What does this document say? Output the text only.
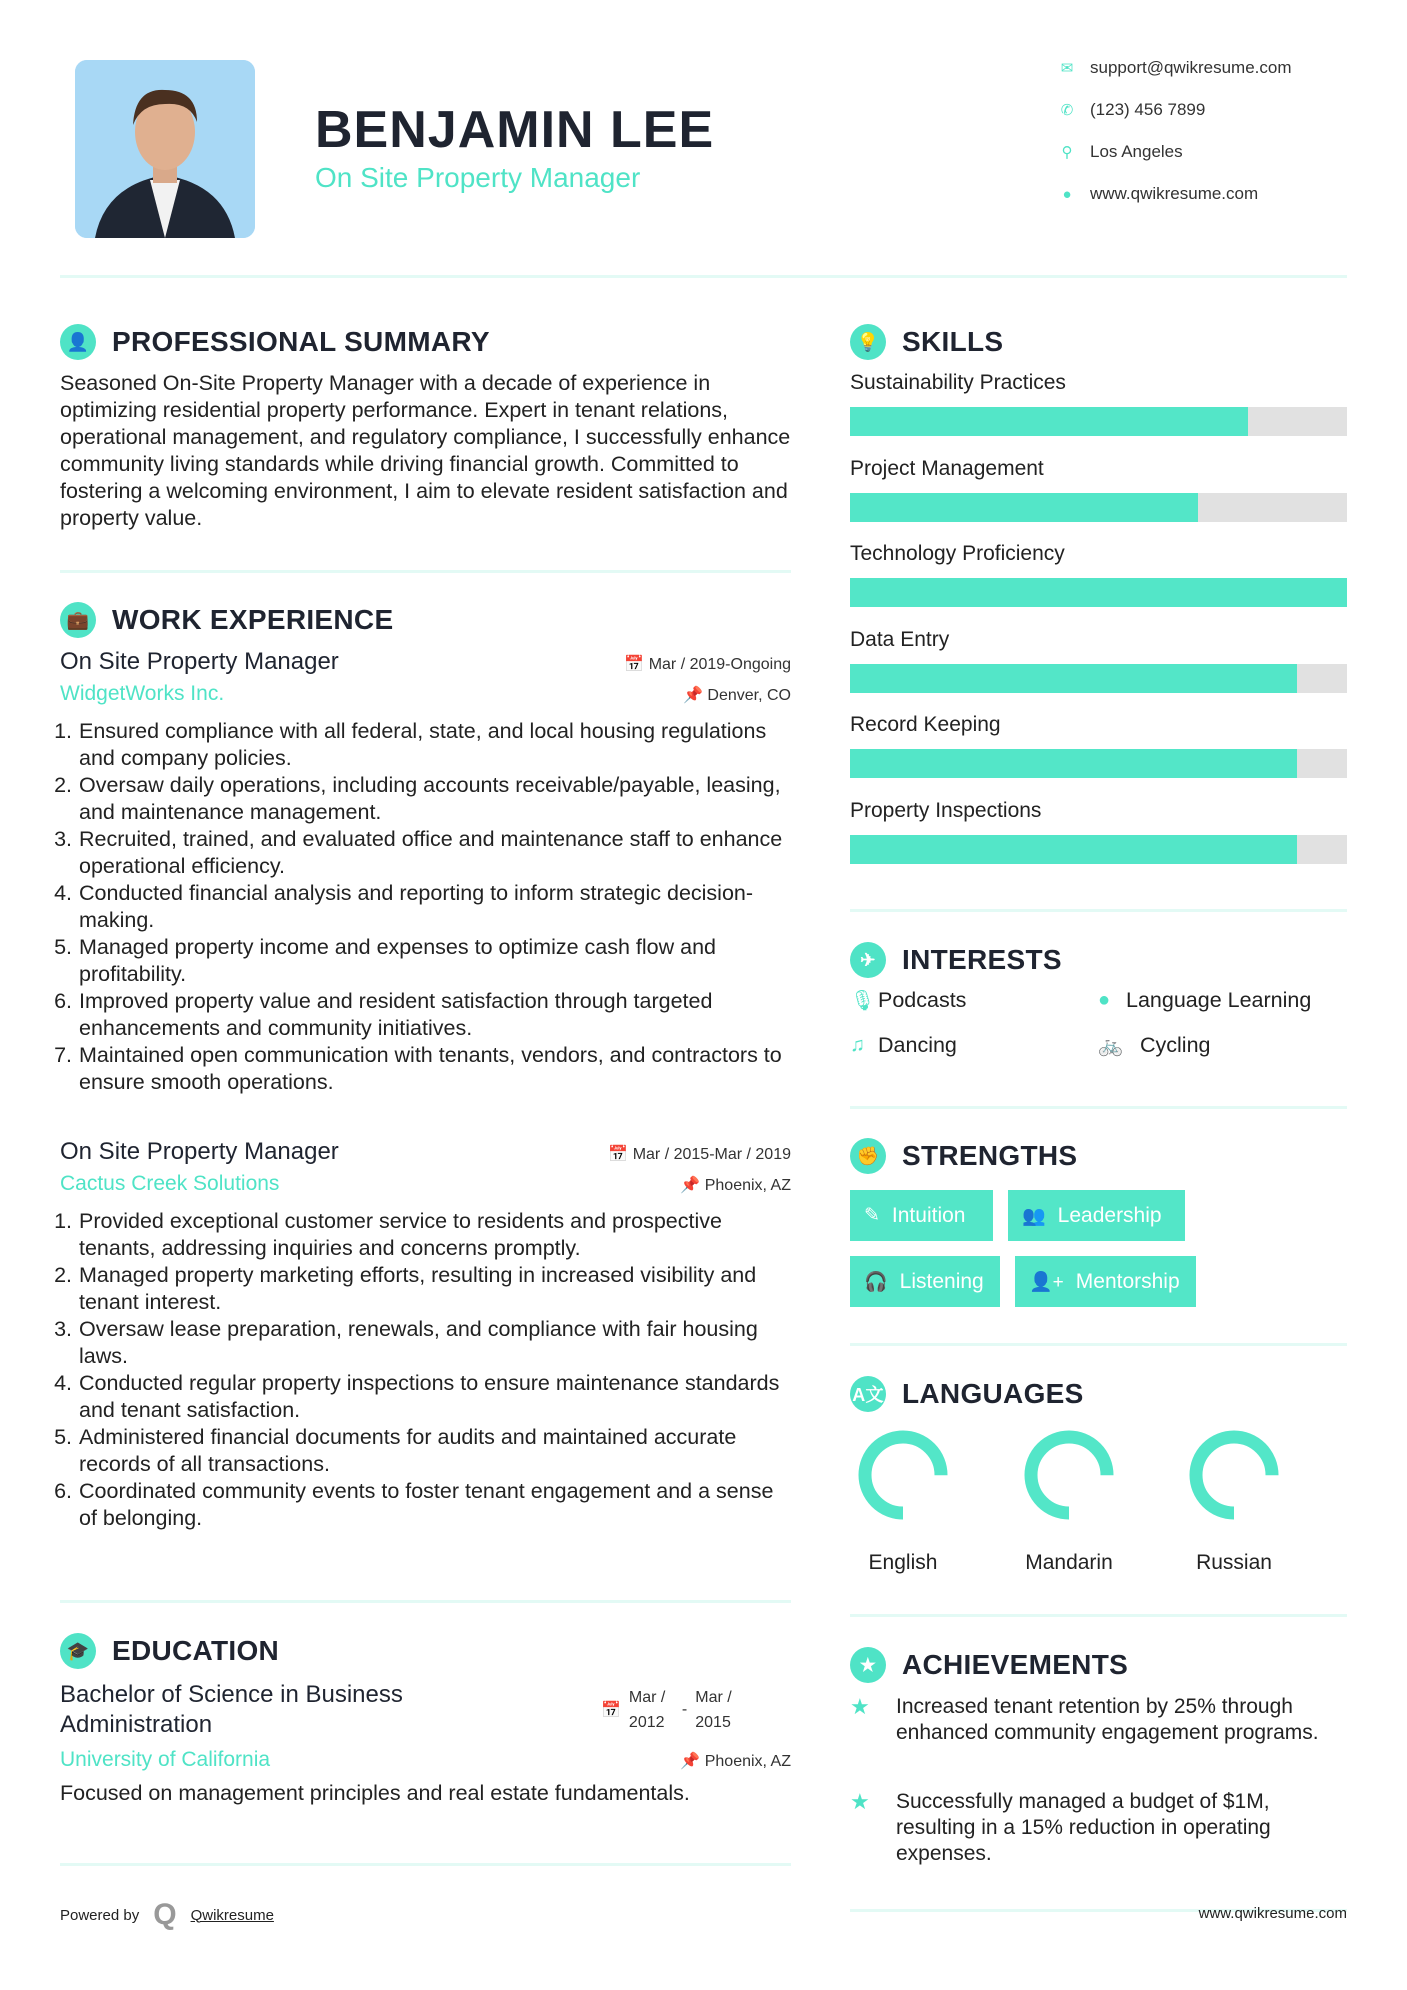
BENJAMIN LEE
On Site Property Manager
✉ support@qwikresume.com
✆ (123) 456 7899
⚲	Los Angeles
●	www.qwikresume.com
👤 PROFESSIONAL SUMMARY
Seasoned On-Site Property Manager with a decade of experience in optimizing residential property performance. Expert in tenant relations, operational management, and regulatory compliance, I successfully enhance community living standards while driving financial growth. Committed to fostering a welcoming environment, I aim to elevate resident satisfaction and property value.
💼 WORK EXPERIENCE
On Site Property Manager	📅 Mar / 2019-Ongoing
WidgetWorks Inc.	📌 Denver, CO
1. Ensured compliance with all federal, state, and local housing regulations and company policies.
2. Oversaw daily operations, including accounts receivable/payable, leasing, and maintenance management.
3. Recruited, trained, and evaluated office and maintenance staff to enhance operational efficiency.
4. Conducted financial analysis and reporting to inform strategic decision-making.
5. Managed property income and expenses to optimize cash flow and profitability.
6. Improved property value and resident satisfaction through targeted enhancements and community initiatives.
7. Maintained open communication with tenants, vendors, and contractors to ensure smooth operations.
On Site Property Manager	📅 Mar / 2015-Mar / 2019
Cactus Creek Solutions	📌 Phoenix, AZ
1. Provided exceptional customer service to residents and prospective tenants, addressing inquiries and concerns promptly.
2. Managed property marketing efforts, resulting in increased visibility and tenant interest.
3. Oversaw lease preparation, renewals, and compliance with fair housing laws.
4. Conducted regular property inspections to ensure maintenance standards and tenant satisfaction.
5. Administered financial documents for audits and maintained accurate records of all transactions.
6. Coordinated community events to foster tenant engagement and a sense of belonging.
🎓 EDUCATION
Bachelor of Science in Business Administration
📅
Mar / 2012
-
Mar / 2015
University of California	📌 Phoenix, AZ
Focused on management principles and real estate fundamentals.
Powered by Q Qwikresume	www.qwikresume.com
💡 SKILLS
Sustainability Practices
Project Management
Technology Proficiency
Data Entry
Record Keeping
Property Inspections
✈ INTERESTS
🎙 Podcasts	● Language Learning
♫ Dancing	🚲 Cycling
✊ STRENGTHS
✎ Intuition	👥 Leadership
🎧 Listening 👤+ Mentorship
A文 LANGUAGES
English	Mandarin	Russian
★ ACHIEVEMENTS
★	Increased tenant retention by 25% through enhanced community engagement programs.
★	Successfully managed a budget of $1M, resulting in a 15% reduction in operating expenses.
